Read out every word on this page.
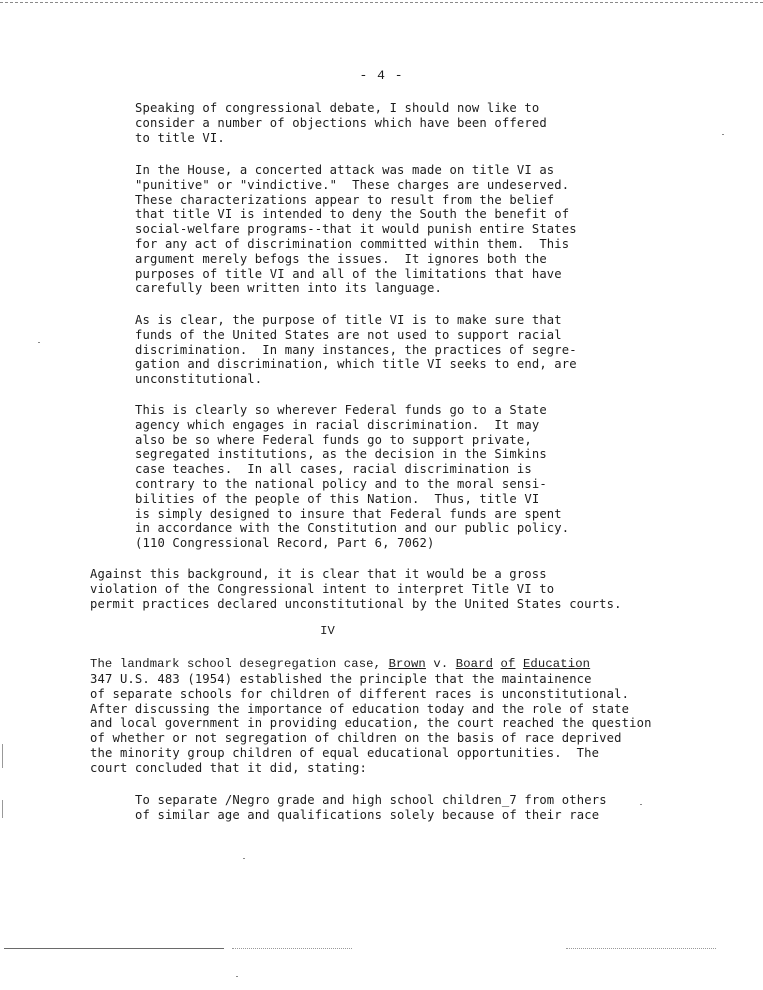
- 4 -
Speaking of congressional debate, I should now like to
consider a number of objections which have been offered
to title VI.
In the House, a concerted attack was made on title VI as
"punitive" or "vindictive."  These charges are undeserved.
These characterizations appear to result from the belief
that title VI is intended to deny the South the benefit of
social-welfare programs--that it would punish entire States
for any act of discrimination committed within them.  This
argument merely befogs the issues.  It ignores both the
purposes of title VI and all of the limitations that have
carefully been written into its language.
As is clear, the purpose of title VI is to make sure that
funds of the United States are not used to support racial
discrimination.  In many instances, the practices of segre-
gation and discrimination, which title VI seeks to end, are
unconstitutional.
This is clearly so wherever Federal funds go to a State
agency which engages in racial discrimination.  It may
also be so where Federal funds go to support private,
segregated institutions, as the decision in the Simkins
case teaches.  In all cases, racial discrimination is
contrary to the national policy and to the moral sensi-
bilities of the people of this Nation.  Thus, title VI
is simply designed to insure that Federal funds are spent
in accordance with the Constitution and our public policy.
(110 Congressional Record, Part 6, 7062)
Against this background, it is clear that it would be a gross
violation of the Congressional intent to interpret Title VI to
permit practices declared unconstitutional by the United States courts.
IV
The landmark school desegregation case, Brown v. Board of Education
347 U.S. 483 (1954) established the principle that the maintainence
of separate schools for children of different races is unconstitutional.
After discussing the importance of education today and the role of state
and local government in providing education, the court reached the question
of whether or not segregation of children on the basis of race deprived
the minority group children of equal educational opportunities.  The
court concluded that it did, stating:
To separate /Negro grade and high school children_7 from others
of similar age and qualifications solely because of their race
